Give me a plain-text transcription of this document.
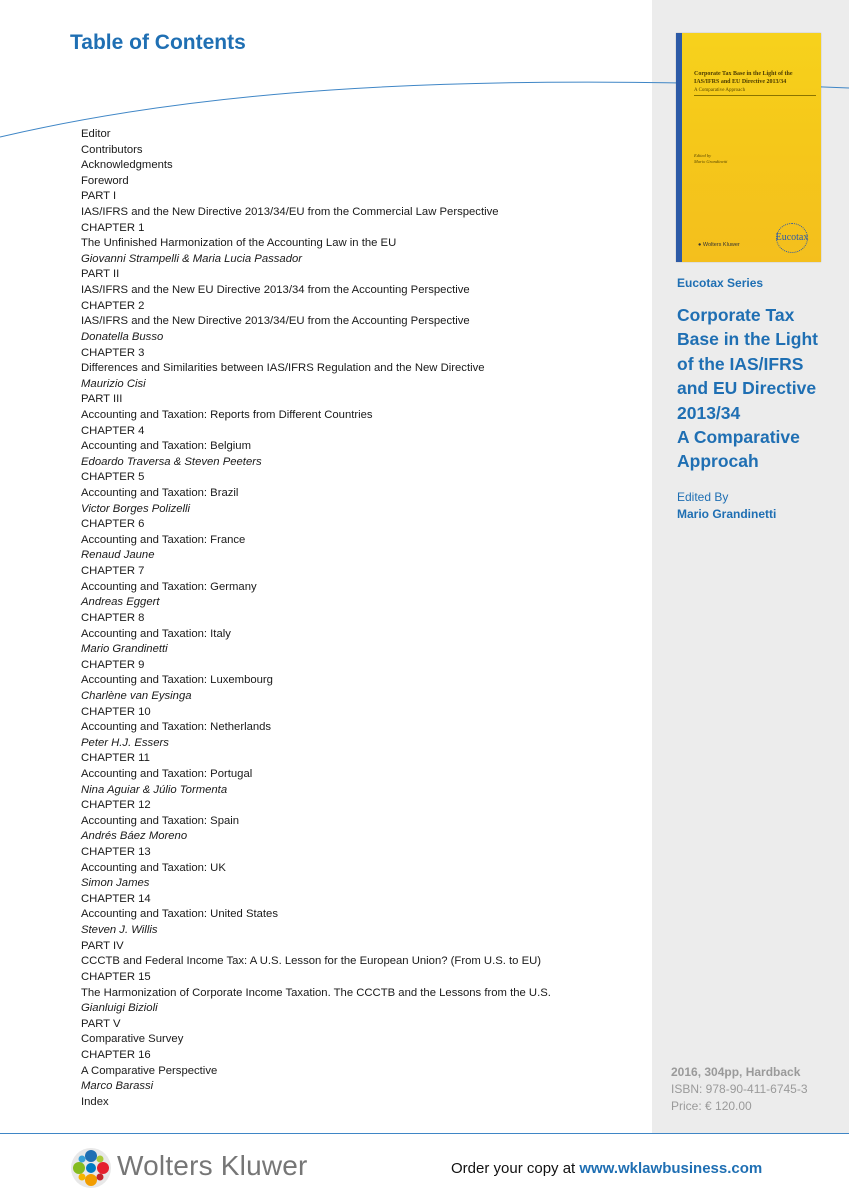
Table of Contents
Editor
Contributors
Acknowledgments
Foreword
PART I
IAS/IFRS and the New Directive 2013/34/EU from the Commercial Law Perspective
CHAPTER 1
The Unfinished Harmonization of the Accounting Law in the EU
Giovanni Strampelli & Maria Lucia Passador
PART II
IAS/IFRS and the New EU Directive 2013/34 from the Accounting Perspective
CHAPTER 2
IAS/IFRS and the New Directive 2013/34/EU from the Accounting Perspective
Donatella Busso
CHAPTER 3
Differences and Similarities between IAS/IFRS Regulation and the New Directive
Maurizio Cisi
PART III
Accounting and Taxation: Reports from Different Countries
CHAPTER 4
Accounting and Taxation: Belgium
Edoardo Traversa & Steven Peeters
CHAPTER 5
Accounting and Taxation: Brazil
Victor Borges Polizelli
CHAPTER 6
Accounting and Taxation: France
Renaud Jaune
CHAPTER 7
Accounting and Taxation: Germany
Andreas Eggert
CHAPTER 8
Accounting and Taxation: Italy
Mario Grandinetti
CHAPTER 9
Accounting and Taxation: Luxembourg
Charlène van Eysinga
CHAPTER 10
Accounting and Taxation: Netherlands
Peter H.J. Essers
CHAPTER 11
Accounting and Taxation: Portugal
Nina Aguiar & Júlio Tormenta
CHAPTER 12
Accounting and Taxation: Spain
Andrés Báez Moreno
CHAPTER 13
Accounting and Taxation: UK
Simon James
CHAPTER 14
Accounting and Taxation: United States
Steven J. Willis
PART IV
CCCTB and Federal Income Tax: A U.S. Lesson for the European Union? (From U.S. to EU)
CHAPTER 15
The Harmonization of Corporate Income Taxation. The CCCTB and the Lessons from the U.S.
Gianluigi Bizioli
PART V
Comparative Survey
CHAPTER 16
A Comparative Perspective
Marco Barassi
Index
Corporate Tax Base in the Light of the
IAS/IFRS and EU Directive 2013/34
A Comparative Approach
Edited by
Mario Grandinetti
● Wolters Kluwer
Eucotax
Eucotax Series
Corporate Tax
Base in the Light
of the IAS/IFRS
and EU Directive
2013/34
A Comparative
Approcah
Edited By
Mario Grandinetti
2016, 304pp, Hardback
ISBN: 978-90-411-6745-3
Price: € 120.00
Wolters Kluwer	Order your copy at www.wklawbusiness.com
